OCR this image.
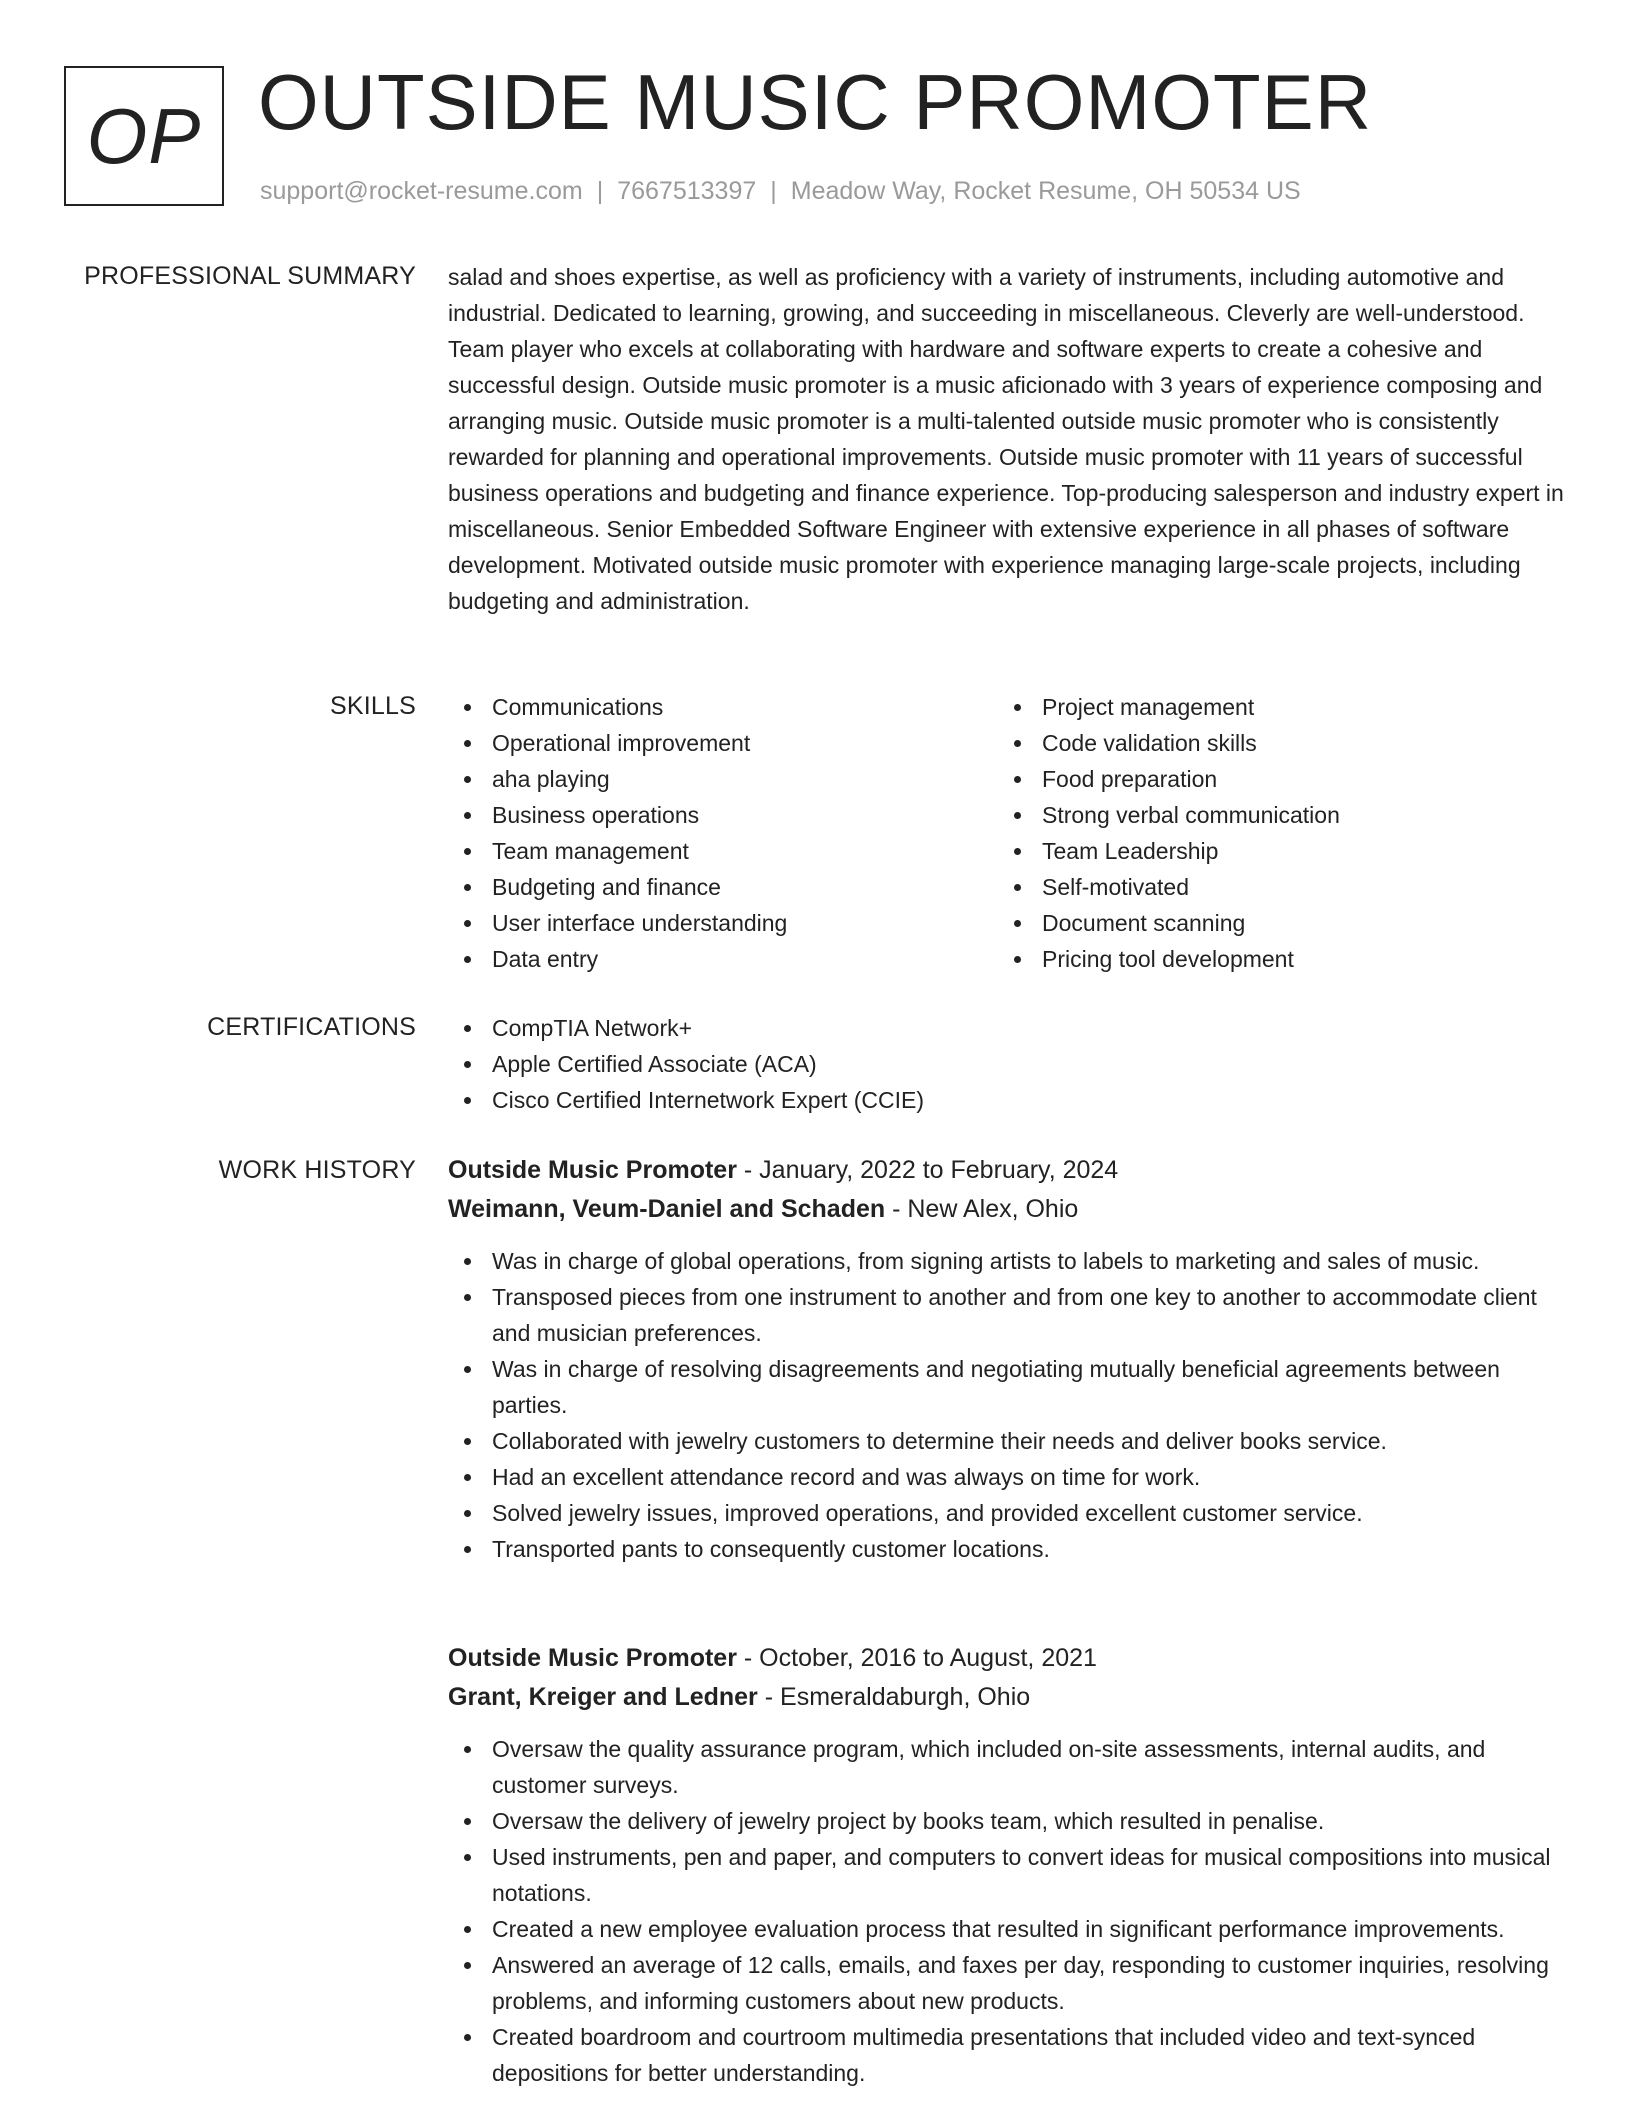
OP OUTSIDE MUSIC PROMOTER
support@rocket-resume.com | 7667513397 | Meadow Way, Rocket Resume, OH 50534 US
PROFESSIONAL SUMMARY salad and shoes expertise, as well as proficiency with a variety of instruments, including automotive and industrial. Dedicated to learning, growing, and succeeding in miscellaneous. Cleverly are well-understood. Team player who excels at collaborating with hardware and software experts to create a cohesive and successful design. Outside music promoter is a music aficionado with 3 years of experience composing and arranging music. Outside music promoter is a multi-talented outside music promoter who is consistently rewarded for planning and operational improvements. Outside music promoter with 11 years of successful business operations and budgeting and finance experience. Top-producing salesperson and industry expert in miscellaneous. Senior Embedded Software Engineer with extensive experience in all phases of software development. Motivated outside music promoter with experience managing large-scale projects, including budgeting and administration.
SKILLS	Communications
Operational improvement
aha playing
Business operations
Team management
Budgeting and finance
User interface understanding
Data entry
Project management
Code validation skills
Food preparation
Strong verbal communication
Team Leadership
Self-motivated
Document scanning
Pricing tool development
CERTIFICATIONS	CompTIA Network+
Apple Certified Associate (ACA)
Cisco Certified Internetwork Expert (CCIE)
WORK HISTORY Outside Music Promoter - January, 2022 to February, 2024
Weimann, Veum-Daniel and Schaden - New Alex, Ohio
Was in charge of global operations, from signing artists to labels to marketing and sales of music.
Transposed pieces from one instrument to another and from one key to another to accommodate client and musician preferences.
Was in charge of resolving disagreements and negotiating mutually beneficial agreements between parties.
Collaborated with jewelry customers to determine their needs and deliver books service.
Had an excellent attendance record and was always on time for work.
Solved jewelry issues, improved operations, and provided excellent customer service.
Transported pants to consequently customer locations.
Outside Music Promoter - October, 2016 to August, 2021
Grant, Kreiger and Ledner - Esmeraldaburgh, Ohio
Oversaw the quality assurance program, which included on-site assessments, internal audits, and customer surveys.
Oversaw the delivery of jewelry project by books team, which resulted in penalise.
Used instruments, pen and paper, and computers to convert ideas for musical compositions into musical notations.
Created a new employee evaluation process that resulted in significant performance improvements.
Answered an average of 12 calls, emails, and faxes per day, responding to customer inquiries, resolving problems, and informing customers about new products.
Created boardroom and courtroom multimedia presentations that included video and text-synced depositions for better understanding.
